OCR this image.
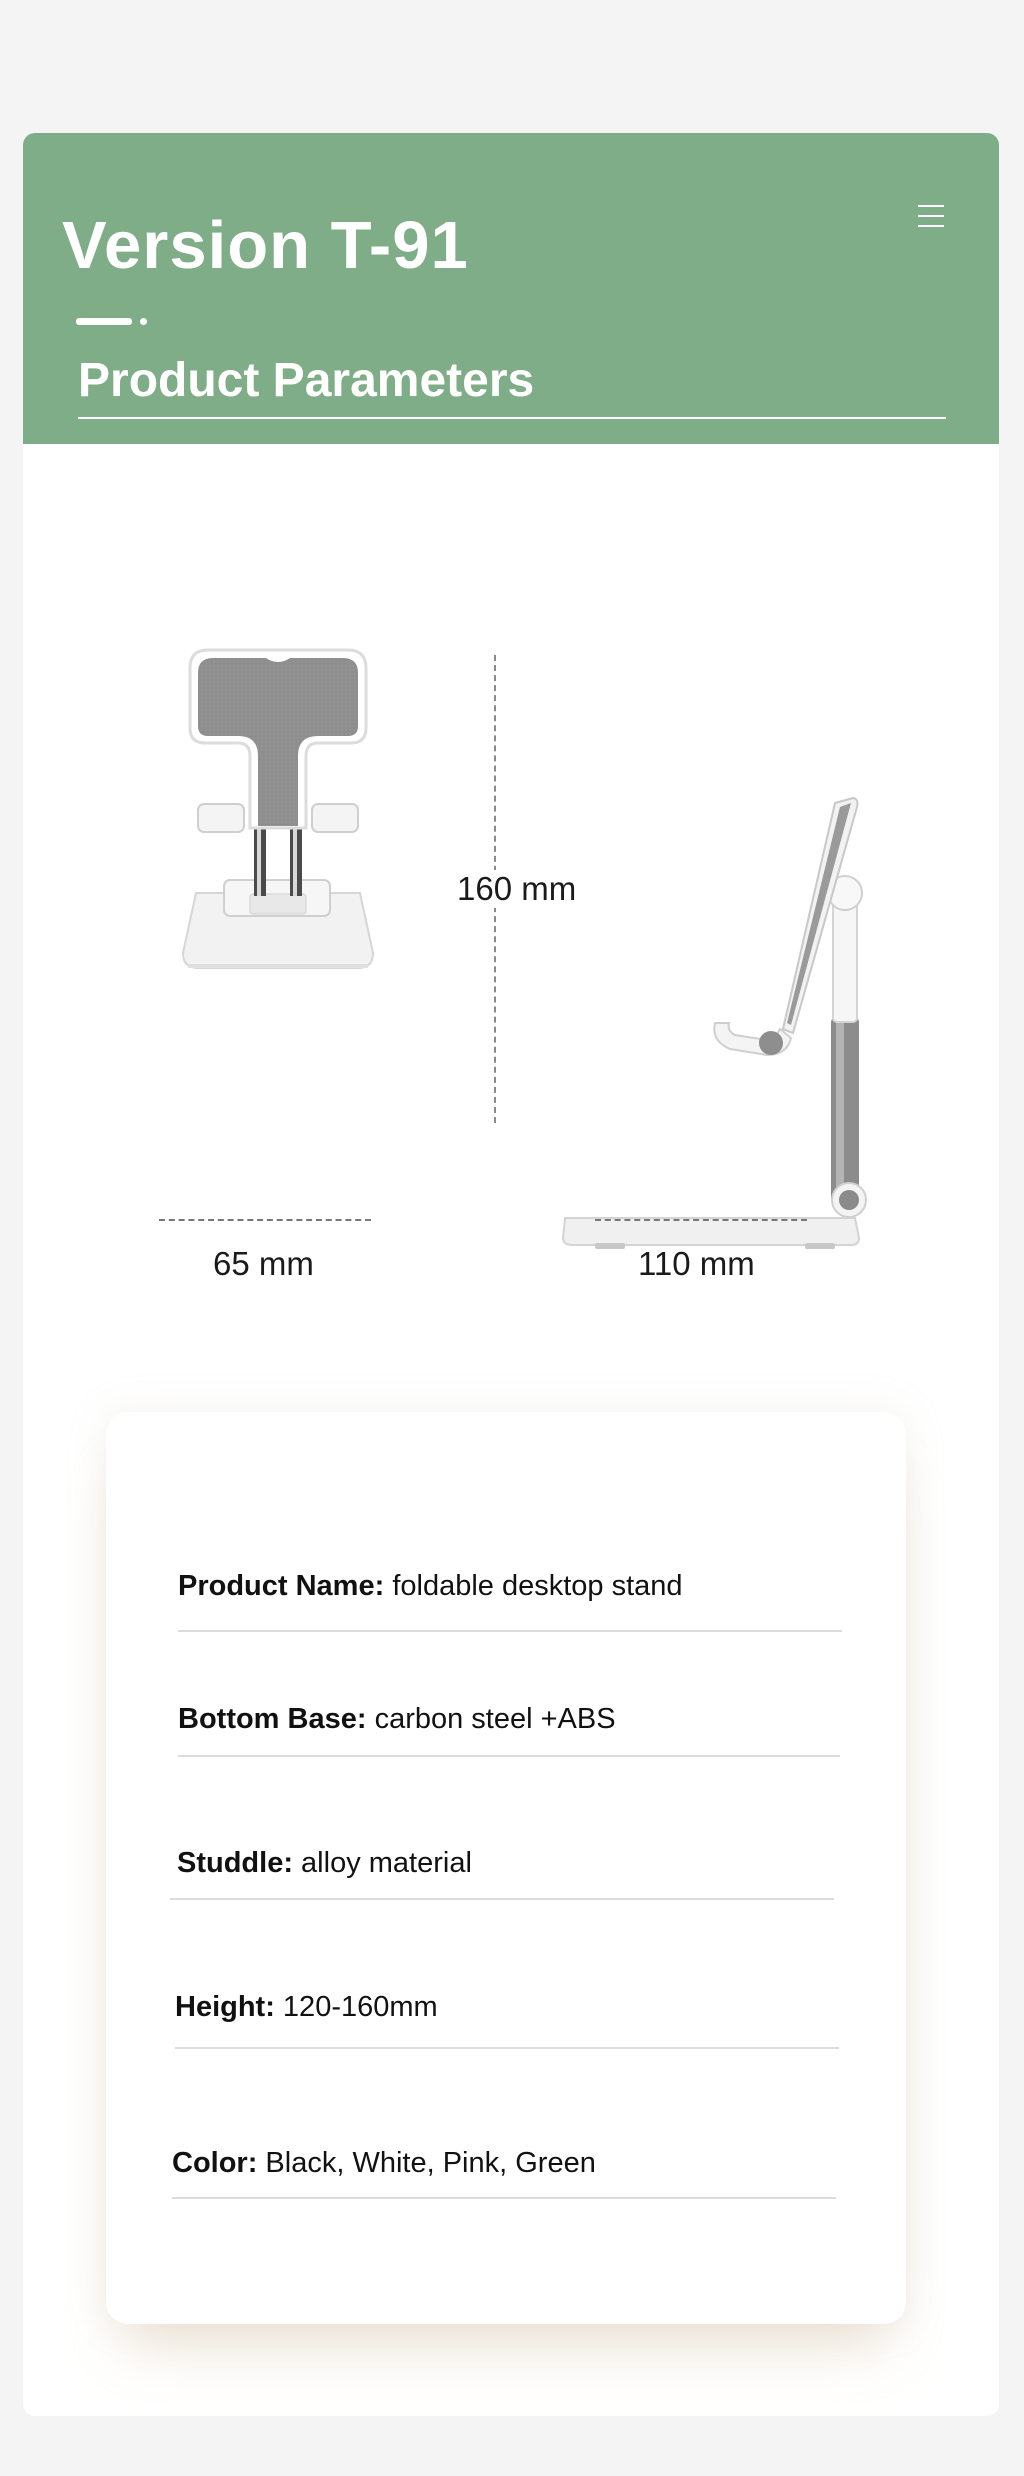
Version T-91
Product Parameters
160 mm
65 mm	110 mm
Product Name: foldable desktop stand
Bottom Base: carbon steel +ABS
Studdle: alloy material
Height: 120-160mm
Color: Black, White, Pink, Green
